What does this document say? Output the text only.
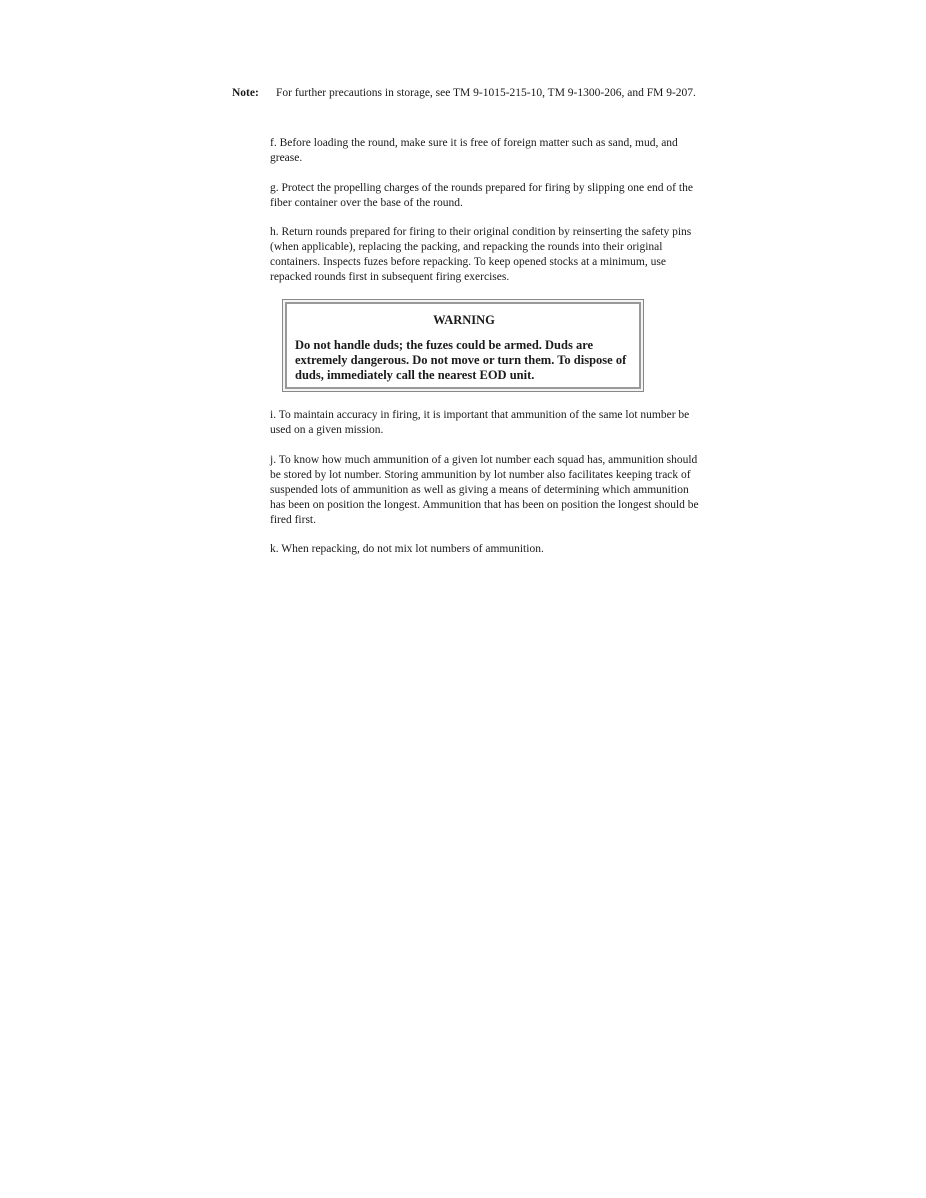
Note:	For further precautions in storage, see TM 9-1015-215-10, TM 9-1300-206, and FM 9-207.

f. Before loading the round, make sure it is free of foreign matter such as sand, mud, and grease.

g. Protect the propelling charges of the rounds prepared for firing by slipping one end of the fiber container over the base of the round.

h. Return rounds prepared for firing to their original condition by reinserting the safety pins (when applicable), replacing the packing, and repacking the rounds into their original containers. Inspects fuzes before repacking. To keep opened stocks at a minimum, use repacked rounds first in subsequent firing exercises.

WARNING
Do not handle duds; the fuzes could be armed. Duds are extremely dangerous. Do not move or turn them. To dispose of duds, immediately call the nearest EOD unit.

i. To maintain accuracy in firing, it is important that ammunition of the same lot number be used on a given mission.

j. To know how much ammunition of a given lot number each squad has, ammunition should be stored by lot number. Storing ammunition by lot number also facilitates keeping track of suspended lots of ammunition as well as giving a means of determining which ammunition has been on position the longest. Ammunition that has been on position the longest should be fired first.

k. When repacking, do not mix lot numbers of ammunition.
